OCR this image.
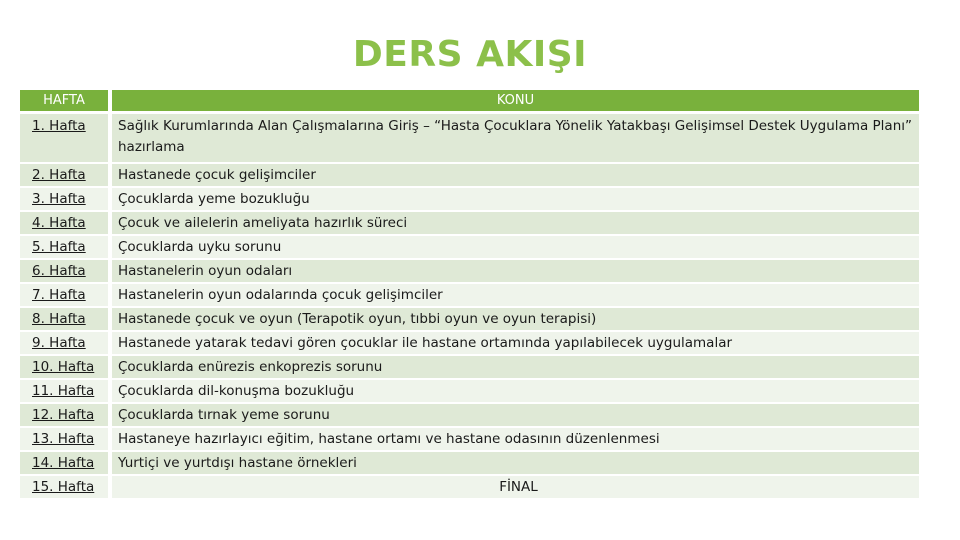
DERS AKIŞI
HAFTA	KONU
1. Hafta	Sağlık Kurumlarında Alan Çalışmalarına Giriş – “Hasta Çocuklara Yönelik Yatakbaşı Gelişimsel Destek Uygulama Planı” hazırlama
2. Hafta	Hastanede çocuk gelişimciler
3. Hafta	Çocuklarda yeme bozukluğu
4. Hafta	Çocuk ve ailelerin ameliyata hazırlık süreci
5. Hafta	Çocuklarda uyku sorunu
6. Hafta	Hastanelerin oyun odaları
7. Hafta	Hastanelerin oyun odalarında çocuk gelişimciler
8. Hafta	Hastanede çocuk ve oyun (Terapotik oyun, tıbbi oyun ve oyun terapisi)
9. Hafta	Hastanede yatarak tedavi gören çocuklar ile hastane ortamında yapılabilecek uygulamalar
10. Hafta	Çocuklarda enürezis enkoprezis sorunu
11. Hafta	Çocuklarda dil-konuşma bozukluğu
12. Hafta	Çocuklarda tırnak yeme sorunu
13. Hafta	Hastaneye hazırlayıcı eğitim, hastane ortamı ve hastane odasının düzenlenmesi
14. Hafta	Yurtiçi ve yurtdışı hastane örnekleri
15. Hafta	FİNAL
